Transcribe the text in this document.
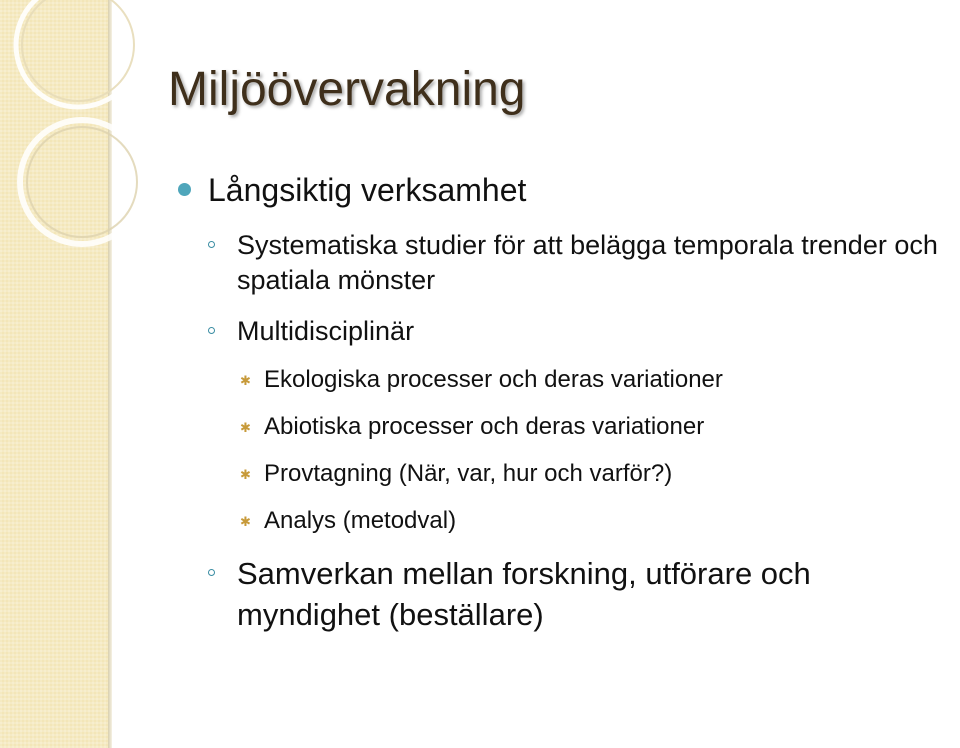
Miljöövervakning

Långsiktig verksamhet

Systematiska studier för att belägga temporala trender och spatiala mönster

Multidisciplinär

✱ Ekologiska processer och deras variationer

✱ Abiotiska processer och deras variationer

✱ Provtagning (När, var, hur och varför?)

✱ Analys (metodval)

Samverkan mellan forskning, utförare och myndighet (beställare)
